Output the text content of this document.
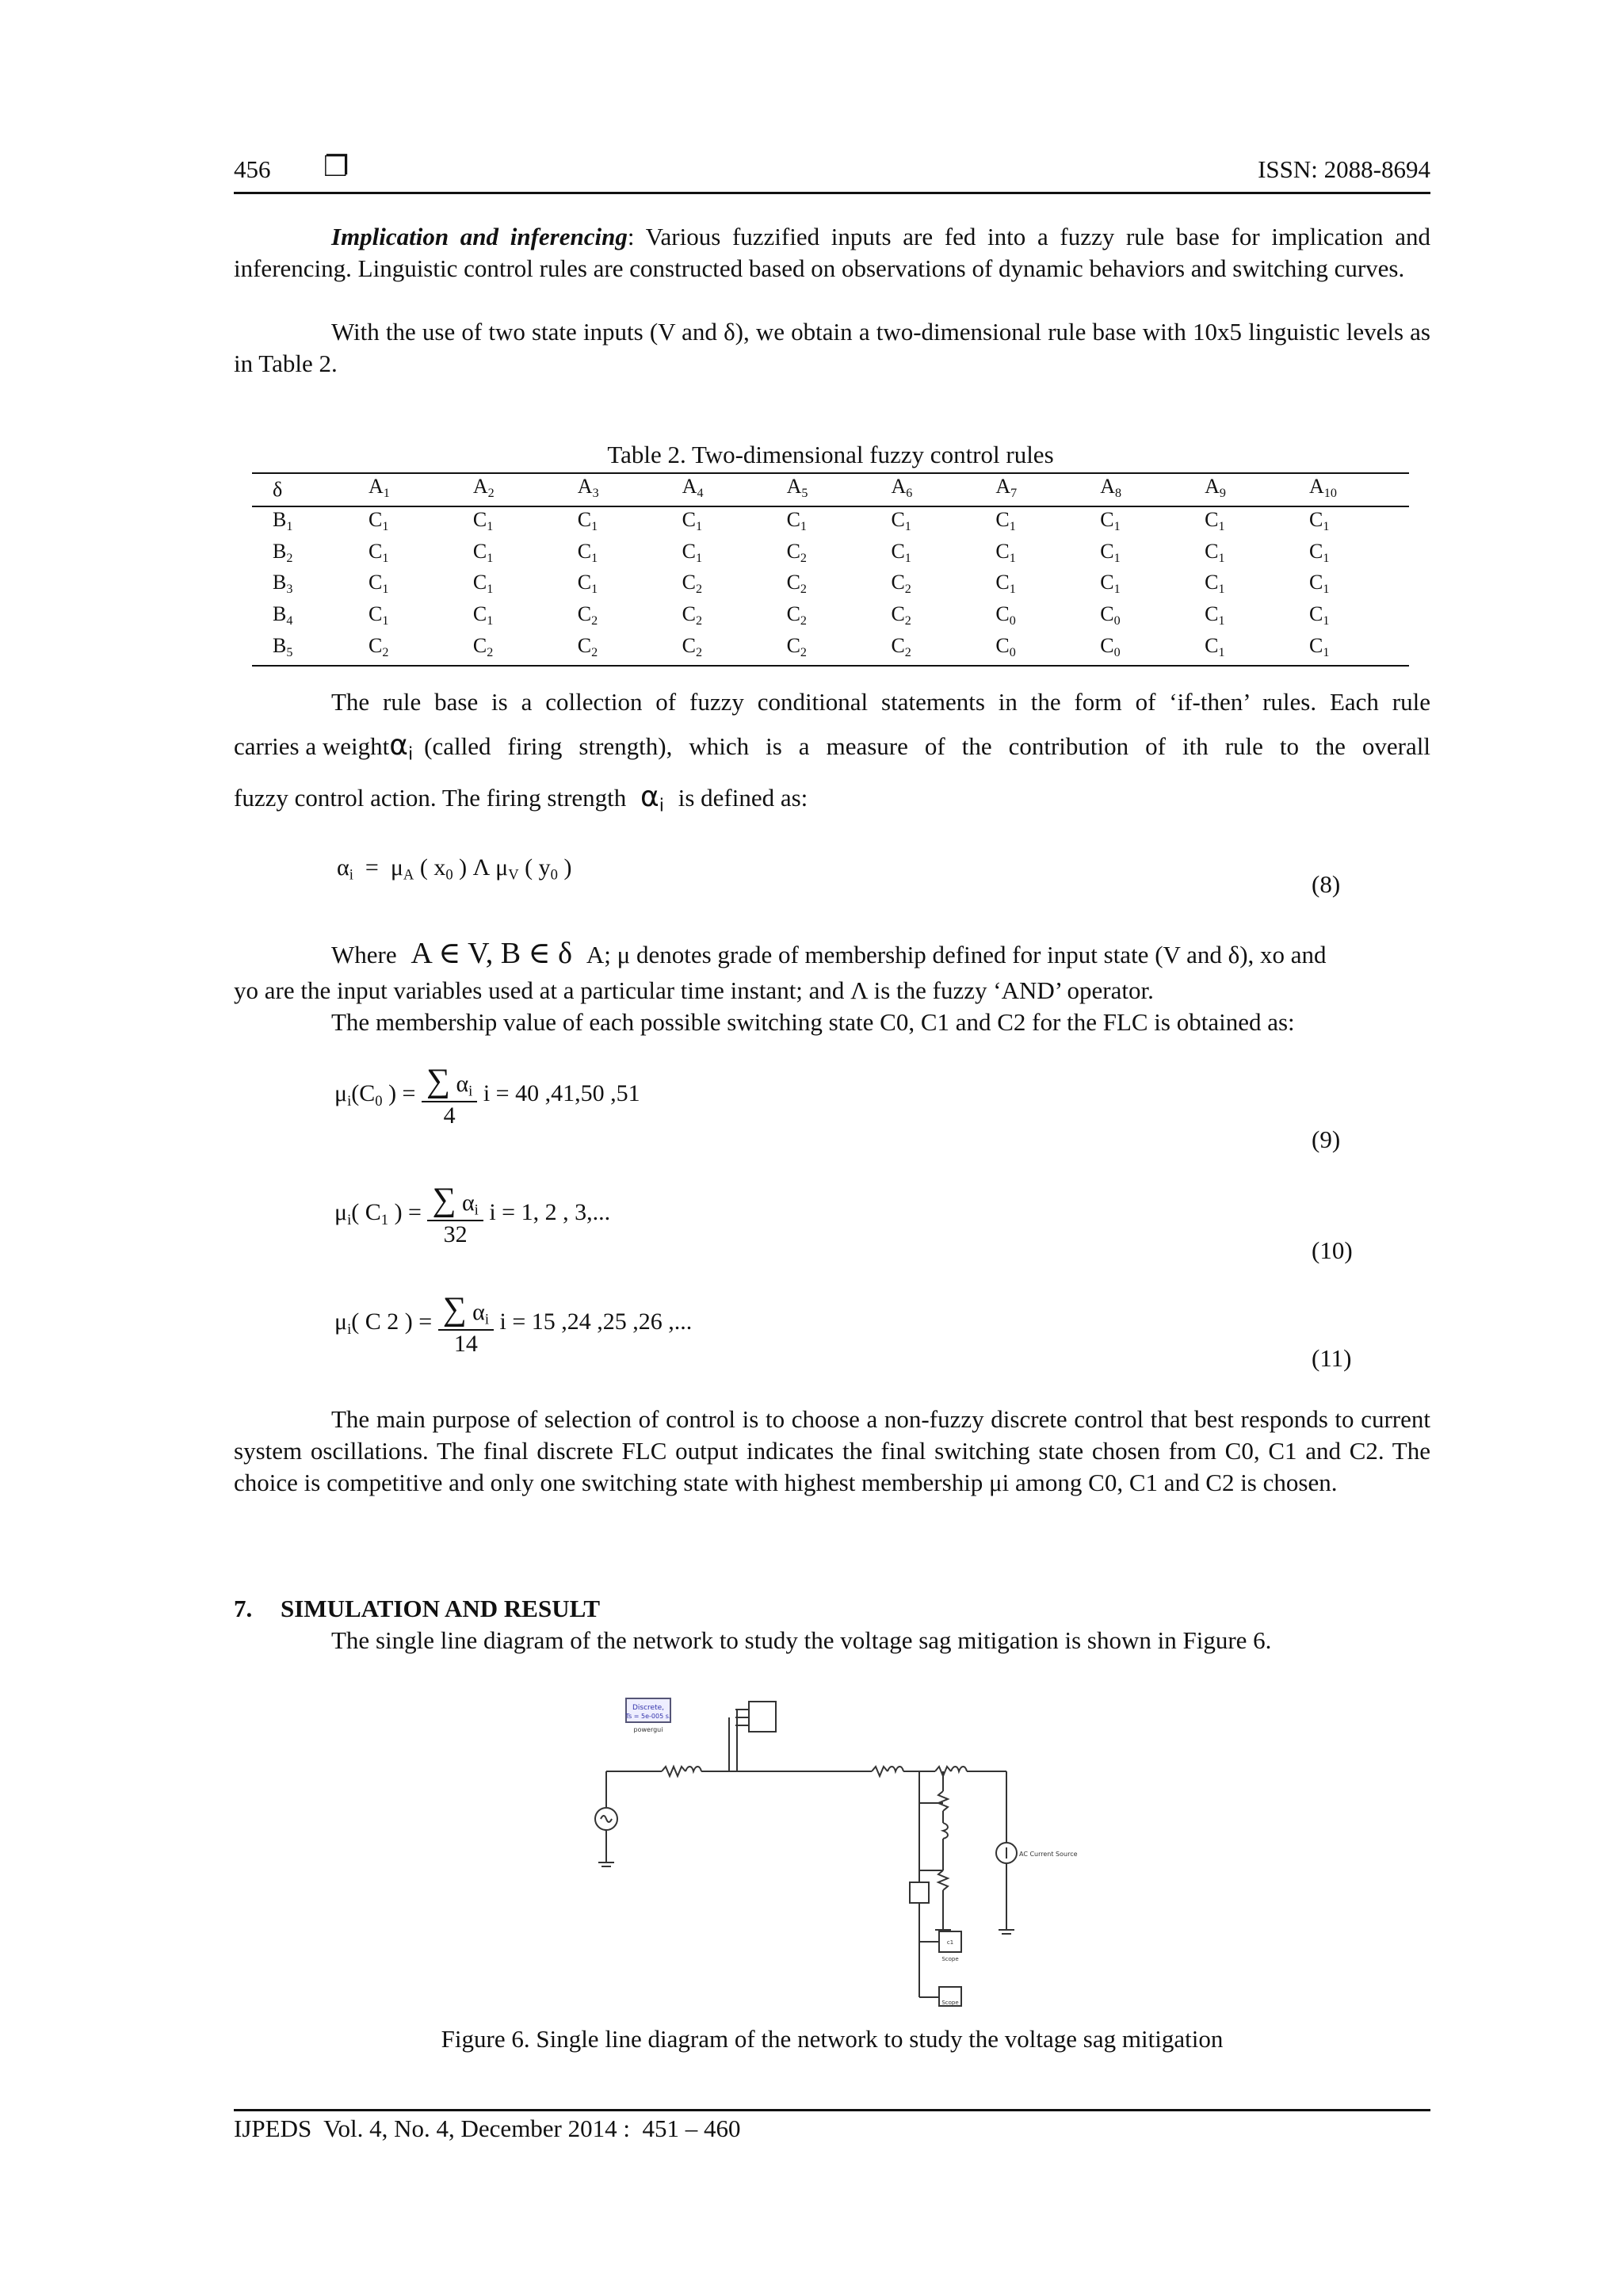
456 ❐	ISSN: 2088-8694

Implication and inferencing: Various fuzzified inputs are fed into a fuzzy rule base for implication and inferencing. Linguistic control rules are constructed based on observations of dynamic behaviors and switching curves.

With the use of two state inputs (V and δ), we obtain a two-dimensional rule base with 10x5 linguistic levels as in Table 2.

Table 2. Two-dimensional fuzzy control rules
δ	$A_1$	$A_2$	$A_3$	$A_4$	$A_5$	$A_6$	$A_7$	$A_8$	$A_9$	$A_{10}$
$B_1$	$C_1$	$C_1$	$C_1$	$C_1$	$C_1$	$C_1$	$C_1$	$C_1$	$C_1$	$C_1$
$B_2$	$C_1$	$C_1$	$C_1$	$C_1$	$C_2$	$C_1$	$C_1$	$C_1$	$C_1$	$C_1$
$B_3$	$C_1$	$C_1$	$C_1$	$C_2$	$C_2$	$C_2$	$C_1$	$C_1$	$C_1$	$C_1$
$B_4$	$C_1$	$C_1$	$C_2$	$C_2$	$C_2$	$C_2$	$C_0$	$C_0$	$C_1$	$C_1$
$B_5$	$C_2$	$C_2$	$C_2$	$C_2$	$C_2$	$C_2$	$C_0$	$C_0$	$C_1$	$C_1$
The rule base is a collection of fuzzy conditional statements in the form of ‘if-then’ rules. Each rule
carries a weight $\alpha_i$ (called firing strength), which is a measure of the contribution of ith rule to the overall
fuzzy control action. The firing strength $\alpha_i$ is defined as:
$\alpha_i = \mu_A$ ( $x_0$ ) Λ $\mu_V$ ( $y_0$ )
(8)
Where A ∈ V, B ∈ δ A; μ denotes grade of membership defined for input state (V and δ), xo and
yo are the input variables used at a particular time instant; and Λ is the fuzzy ‘AND’ operator.
The membership value of each possible switching state C0, C1 and C2 for the FLC is obtained as:
$\mu_i(C_0$ ) = $\frac{\sum \alpha_i}{4}$ i = 40 ,41,50 ,51
(9)
$\mu_i$( $C_1$ ) = $\frac{\sum \alpha_i}{32}$ i = 1, 2 , 3,...
(10)
$\mu_i$( C 2 ) = $\frac{\sum \alpha_i}{14}$ i = 15 ,24 ,25 ,26 ,...
(11)

The main purpose of selection of control is to choose a non-fuzzy discrete control that best responds to current system oscillations. The final discrete FLC output indicates the final switching state chosen from C0, C1 and C2. The choice is competitive and only one switching state with highest membership μi among C0, C1 and C2 is chosen.

7. SIMULATION AND RESULT
The single line diagram of the network to study the voltage sag mitigation is shown in Figure 6.
Discrete,
Ts = 5e-005 s.
powergui
AC Current Source
c1
Scope
Scope
Figure 6. Single line diagram of the network to study the voltage sag mitigation
IJPEDS  Vol. 4, No. 4, December 2014 :  451 – 460
